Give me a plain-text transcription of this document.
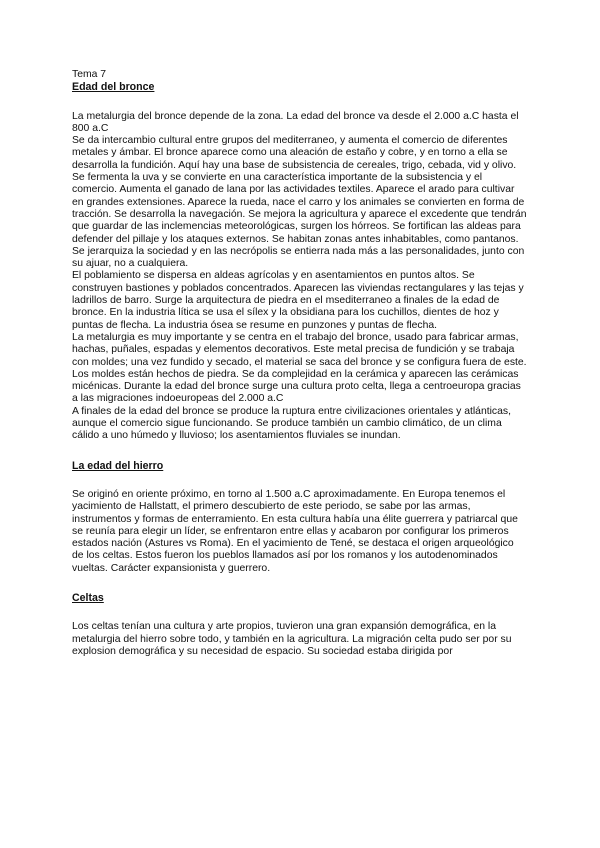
Tema 7

Edad del bronce

La metalurgia del bronce depende de la zona. La edad del bronce va desde el 2.000 a.C hasta el 800 a.C

Se da intercambio cultural entre grupos del mediterraneo, y aumenta el comercio de diferentes metales y ámbar. El bronce aparece como una aleación de estaño y cobre, y en torno a ella se desarrolla la fundición. Aquí hay una base de subsistencia de cereales, trigo, cebada, vid y olivo. Se fermenta la uva y se convierte en una característica importante de la subsistencia y el comercio. Aumenta el ganado de lana por las actividades textiles. Aparece el arado para cultivar en grandes extensiones. Aparece la rueda, nace el carro y los animales se convierten en forma de tracción. Se desarrolla la navegación. Se mejora la agricultura y aparece el excedente que tendrán que guardar de las inclemencias meteorológicas, surgen los hórreos. Se fortifican las aldeas para defender del pillaje y los ataques externos. Se habitan zonas antes inhabitables, como pantanos. Se jerarquiza la sociedad y en las necrópolis se entierra nada más a las personalidades, junto con su ajuar, no a cualquiera.

El poblamiento se dispersa en aldeas agrícolas y en asentamientos en puntos altos. Se construyen bastiones y poblados concentrados. Aparecen las viviendas rectangulares y las tejas y ladrillos de barro. Surge la arquitectura de piedra en el msediterraneo a finales de la edad de bronce. En la industria lítica se usa el sílex y la obsidiana para los cuchillos, dientes de hoz y puntas de flecha. La industria ósea se resume en punzones y puntas de flecha.

La metalurgia es muy importante y se centra en el trabajo del bronce, usado para fabricar armas, hachas, puñales, espadas y elementos decorativos. Este metal precisa de fundición y se trabaja con moldes; una vez fundido y secado, el material se saca del bronce y se configura fuera de este. Los moldes están hechos de piedra. Se da complejidad en la cerámica y aparecen las cerámicas micénicas. Durante la edad del bronce surge una cultura proto celta, llega a centroeuropa gracias a las migraciones indoeuropeas del 2.000 a.C

A finales de la edad del bronce se produce la ruptura entre civilizaciones orientales y atlánticas, aunque el comercio sigue funcionando. Se produce también un cambio climático, de un clima cálido a uno húmedo y lluvioso; los asentamientos fluviales se inundan.

La edad del hierro

Se originó en oriente próximo, en torno al 1.500 a.C aproximadamente. En Europa tenemos el yacimiento de Hallstatt, el primero descubierto de este periodo, se sabe por las armas, instrumentos y formas de enterramiento. En esta cultura había una élite guerrera y patriarcal que se reunía para elegir un líder, se enfrentaron entre ellas y acabaron por configurar los primeros estados nación (Astures vs Roma). En el yacimiento de Tené, se destaca el origen arqueológico de los celtas. Estos fueron los pueblos llamados así por los romanos y los autodenominados vueltas. Carácter expansionista y guerrero.

Celtas

Los celtas tenían una cultura y arte propios, tuvieron una gran expansión demográfica, en la metalurgia del hierro sobre todo, y también en la agricultura. La migración celta pudo ser por su explosion demográfica y su necesidad de espacio. Su sociedad estaba dirigida por
